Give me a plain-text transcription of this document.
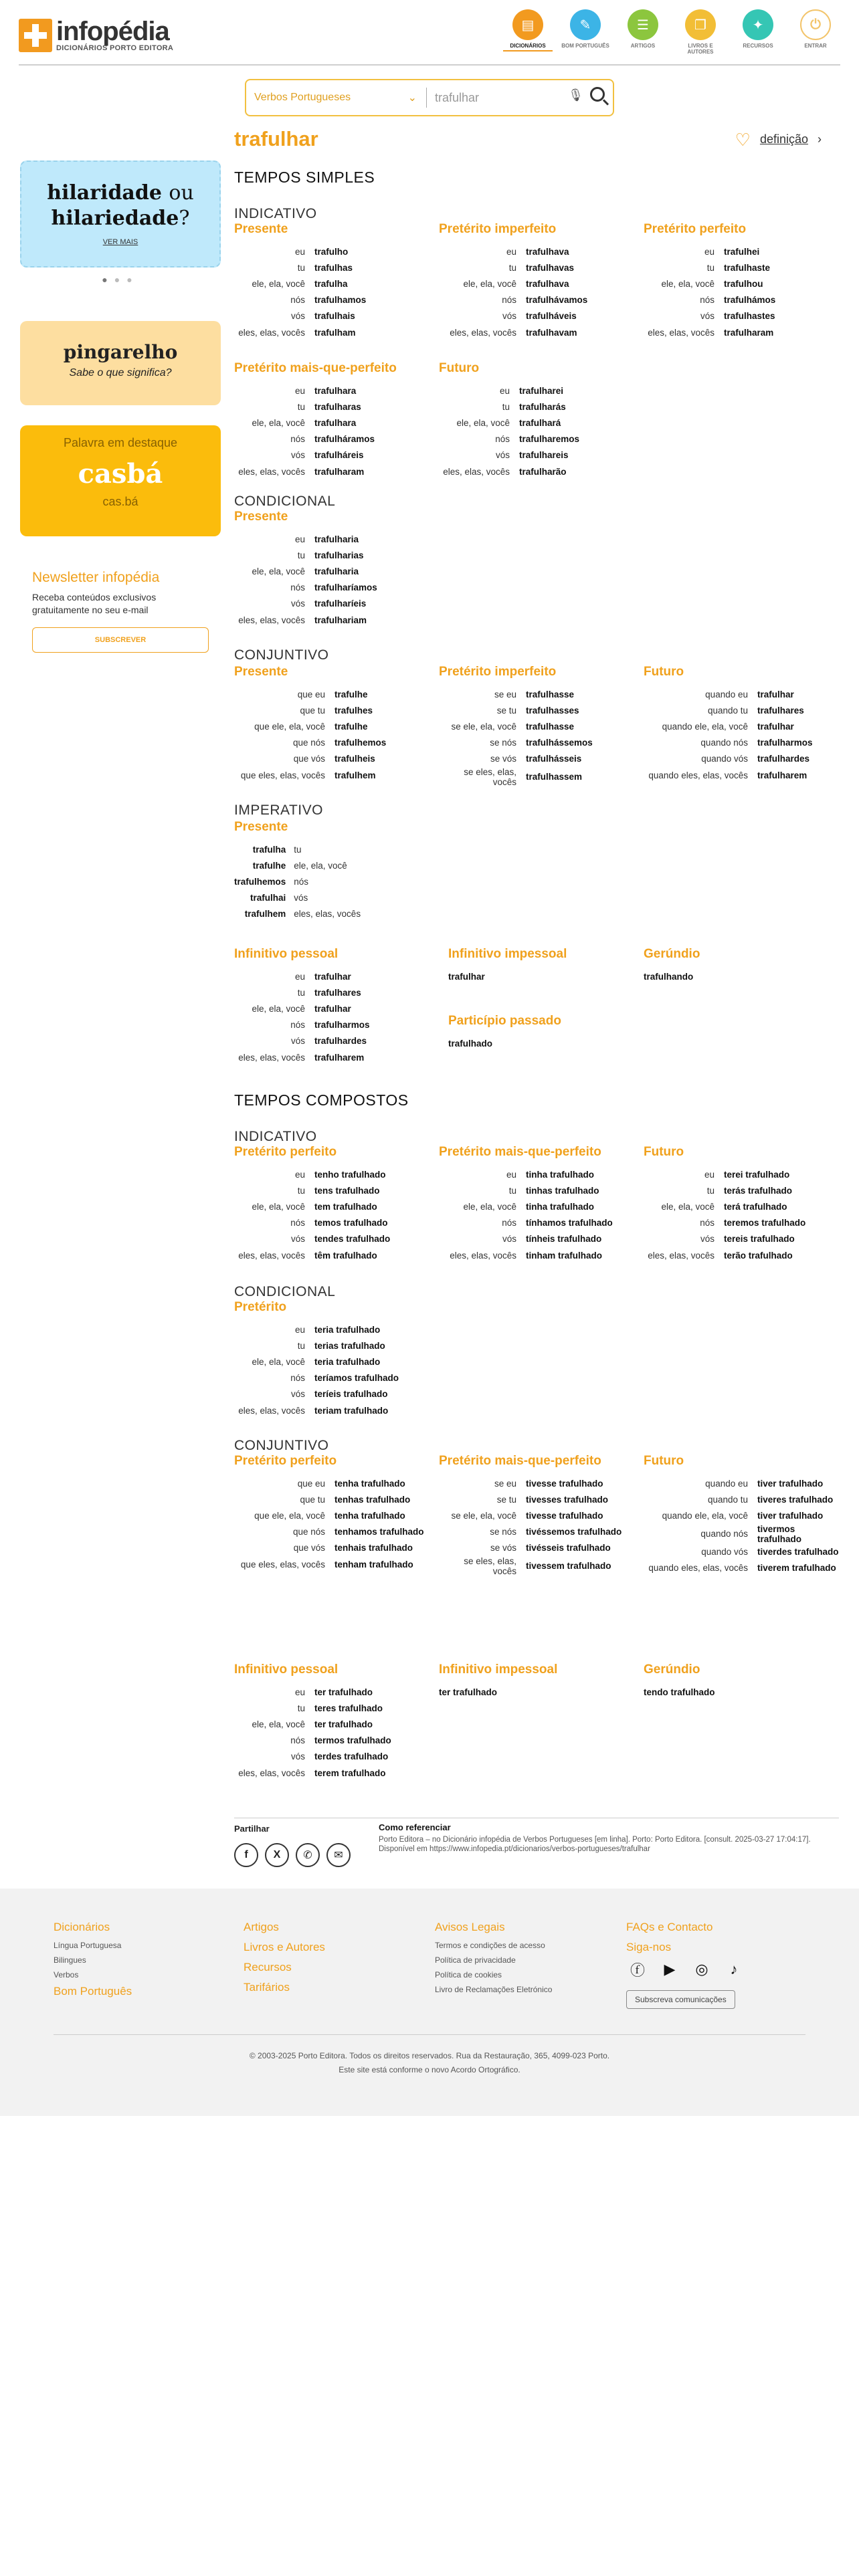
infopédia
DICIONÁRIOS PORTO EDITORA
▤
DICIONÁRIOS
✎
BOM PORTUGUÊS
☰
ARTIGOS
❐
LIVROS E AUTORES
✦
RECURSOS
⏻
ENTRAR
Verbos Portugueses	⌄
trafulhar	🎙
hilaridade ou
hilariedade?
VER MAIS
●●●
pingarelho
Sabe o que significa?
Palavra em destaque
casbá
cas.bá
Newsletter infopédia
Receba conteúdos exclusivos gratuitamente no seu e-mail
SUBSCREVER
trafulhar	♡ definição ›
TEMPOS SIMPLES
INDICATIVO
CONDICIONAL
CONJUNTIVO
IMPERATIVO
TEMPOS COMPOSTOS
INDICATIVO
CONDICIONAL
CONJUNTIVO
Presente
eu	trafulho
tu	trafulhas
ele, ela, você	trafulha
nós	trafulhamos
vós	trafulhais
eles, elas, vocês	trafulham
Pretérito imperfeito
eu	trafulhava
tu	trafulhavas
ele, ela, você	trafulhava
nós	trafulhávamos
vós	trafulháveis
eles, elas, vocês	trafulhavam
Pretérito perfeito
eu	trafulhei
tu	trafulhaste
ele, ela, você	trafulhou
nós	trafulhámos
vós	trafulhastes
eles, elas, vocês	trafulharam
Pretérito mais-que-perfeito
eu	trafulhara
tu	trafulharas
ele, ela, você	trafulhara
nós	trafulháramos
vós	trafulháreis
eles, elas, vocês	trafulharam
Futuro
eu	trafulharei
tu	trafulharás
ele, ela, você	trafulhará
nós	trafulharemos
vós	trafulhareis
eles, elas, vocês	trafulharão
Presente
eu	trafulharia
tu	trafulharias
ele, ela, você	trafulharia
nós	trafulharíamos
vós	trafulharíeis
eles, elas, vocês	trafulhariam
Presente
que eu	trafulhe
que tu	trafulhes
que ele, ela, você	trafulhe
que nós	trafulhemos
que vós	trafulheis
que eles, elas, vocês	trafulhem
Pretérito imperfeito
se eu	trafulhasse
se tu	trafulhasses
se ele, ela, você	trafulhasse
se nós	trafulhássemos
se vós	trafulhásseis
se eles, elas, vocês	trafulhassem
Futuro
quando eu	trafulhar
quando tu	trafulhares
quando ele, ela, você	trafulhar
quando nós	trafulharmos
quando vós	trafulhardes
quando eles, elas, vocês	trafulharem
Presente
trafulha	tu
trafulhe	ele, ela, você
trafulhemos	nós
trafulhai	vós
trafulhem	eles, elas, vocês
Infinitivo pessoal
eu	trafulhar
tu	trafulhares
ele, ela, você	trafulhar
nós	trafulharmos
vós	trafulhardes
eles, elas, vocês	trafulharem
Infinitivo impessoal
trafulhar
Gerúndio
trafulhando
Particípio passado
trafulhado
Pretérito perfeito
eu	tenho trafulhado
tu	tens trafulhado
ele, ela, você	tem trafulhado
nós	temos trafulhado
vós	tendes trafulhado
eles, elas, vocês	têm trafulhado
Pretérito mais-que-perfeito
eu	tinha trafulhado
tu	tinhas trafulhado
ele, ela, você	tinha trafulhado
nós	tínhamos trafulhado
vós	tínheis trafulhado
eles, elas, vocês	tinham trafulhado
Futuro
eu	terei trafulhado
tu	terás trafulhado
ele, ela, você	terá trafulhado
nós	teremos trafulhado
vós	tereis trafulhado
eles, elas, vocês	terão trafulhado
Pretérito
eu	teria trafulhado
tu	terias trafulhado
ele, ela, você	teria trafulhado
nós	teríamos trafulhado
vós	teríeis trafulhado
eles, elas, vocês	teriam trafulhado
Pretérito perfeito
que eu	tenha trafulhado
que tu	tenhas trafulhado
que ele, ela, você	tenha trafulhado
que nós	tenhamos trafulhado
que vós	tenhais trafulhado
que eles, elas, vocês	tenham trafulhado
Pretérito mais-que-perfeito
se eu	tivesse trafulhado
se tu	tivesses trafulhado
se ele, ela, você	tivesse trafulhado
se nós	tivéssemos trafulhado
se vós	tivésseis trafulhado
se eles, elas, vocês	tivessem trafulhado
Futuro
quando eu	tiver trafulhado
quando tu	tiveres trafulhado
quando ele, ela, você	tiver trafulhado
quando nós	tivermos trafulhado
quando vós	tiverdes trafulhado
quando eles, elas, vocês	tiverem trafulhado
Infinitivo pessoal
eu	ter trafulhado
tu	teres trafulhado
ele, ela, você	ter trafulhado
nós	termos trafulhado
vós	terdes trafulhado
eles, elas, vocês	terem trafulhado
Infinitivo impessoal
ter trafulhado
Gerúndio
tendo trafulhado
Partilhar
f	X	✆	✉
Como referenciar
Porto Editora – no Dicionário infopédia de Verbos Portugueses [em linha]. Porto: Porto Editora. [consult. 2025-03-27 17:04:17]. Disponível em https://www.infopedia.pt/dicionarios/verbos-portugueses/trafulhar
Dicionários
Língua Portuguesa
Bilingues
Verbos
Bom Português
Artigos
Livros e Autores
Recursos
Tarifários
Avisos Legais
Termos e condições de acesso
Política de privacidade
Política de cookies
Livro de Reclamações Eletrónico
FAQs e Contacto
Siga-nos
ⓕ	▶	◎	♪
Subscreva comunicações
© 2003-2025 Porto Editora. Todos os direitos reservados. Rua da Restauração, 365, 4099-023 Porto.
Este site está conforme o novo Acordo Ortográfico.
